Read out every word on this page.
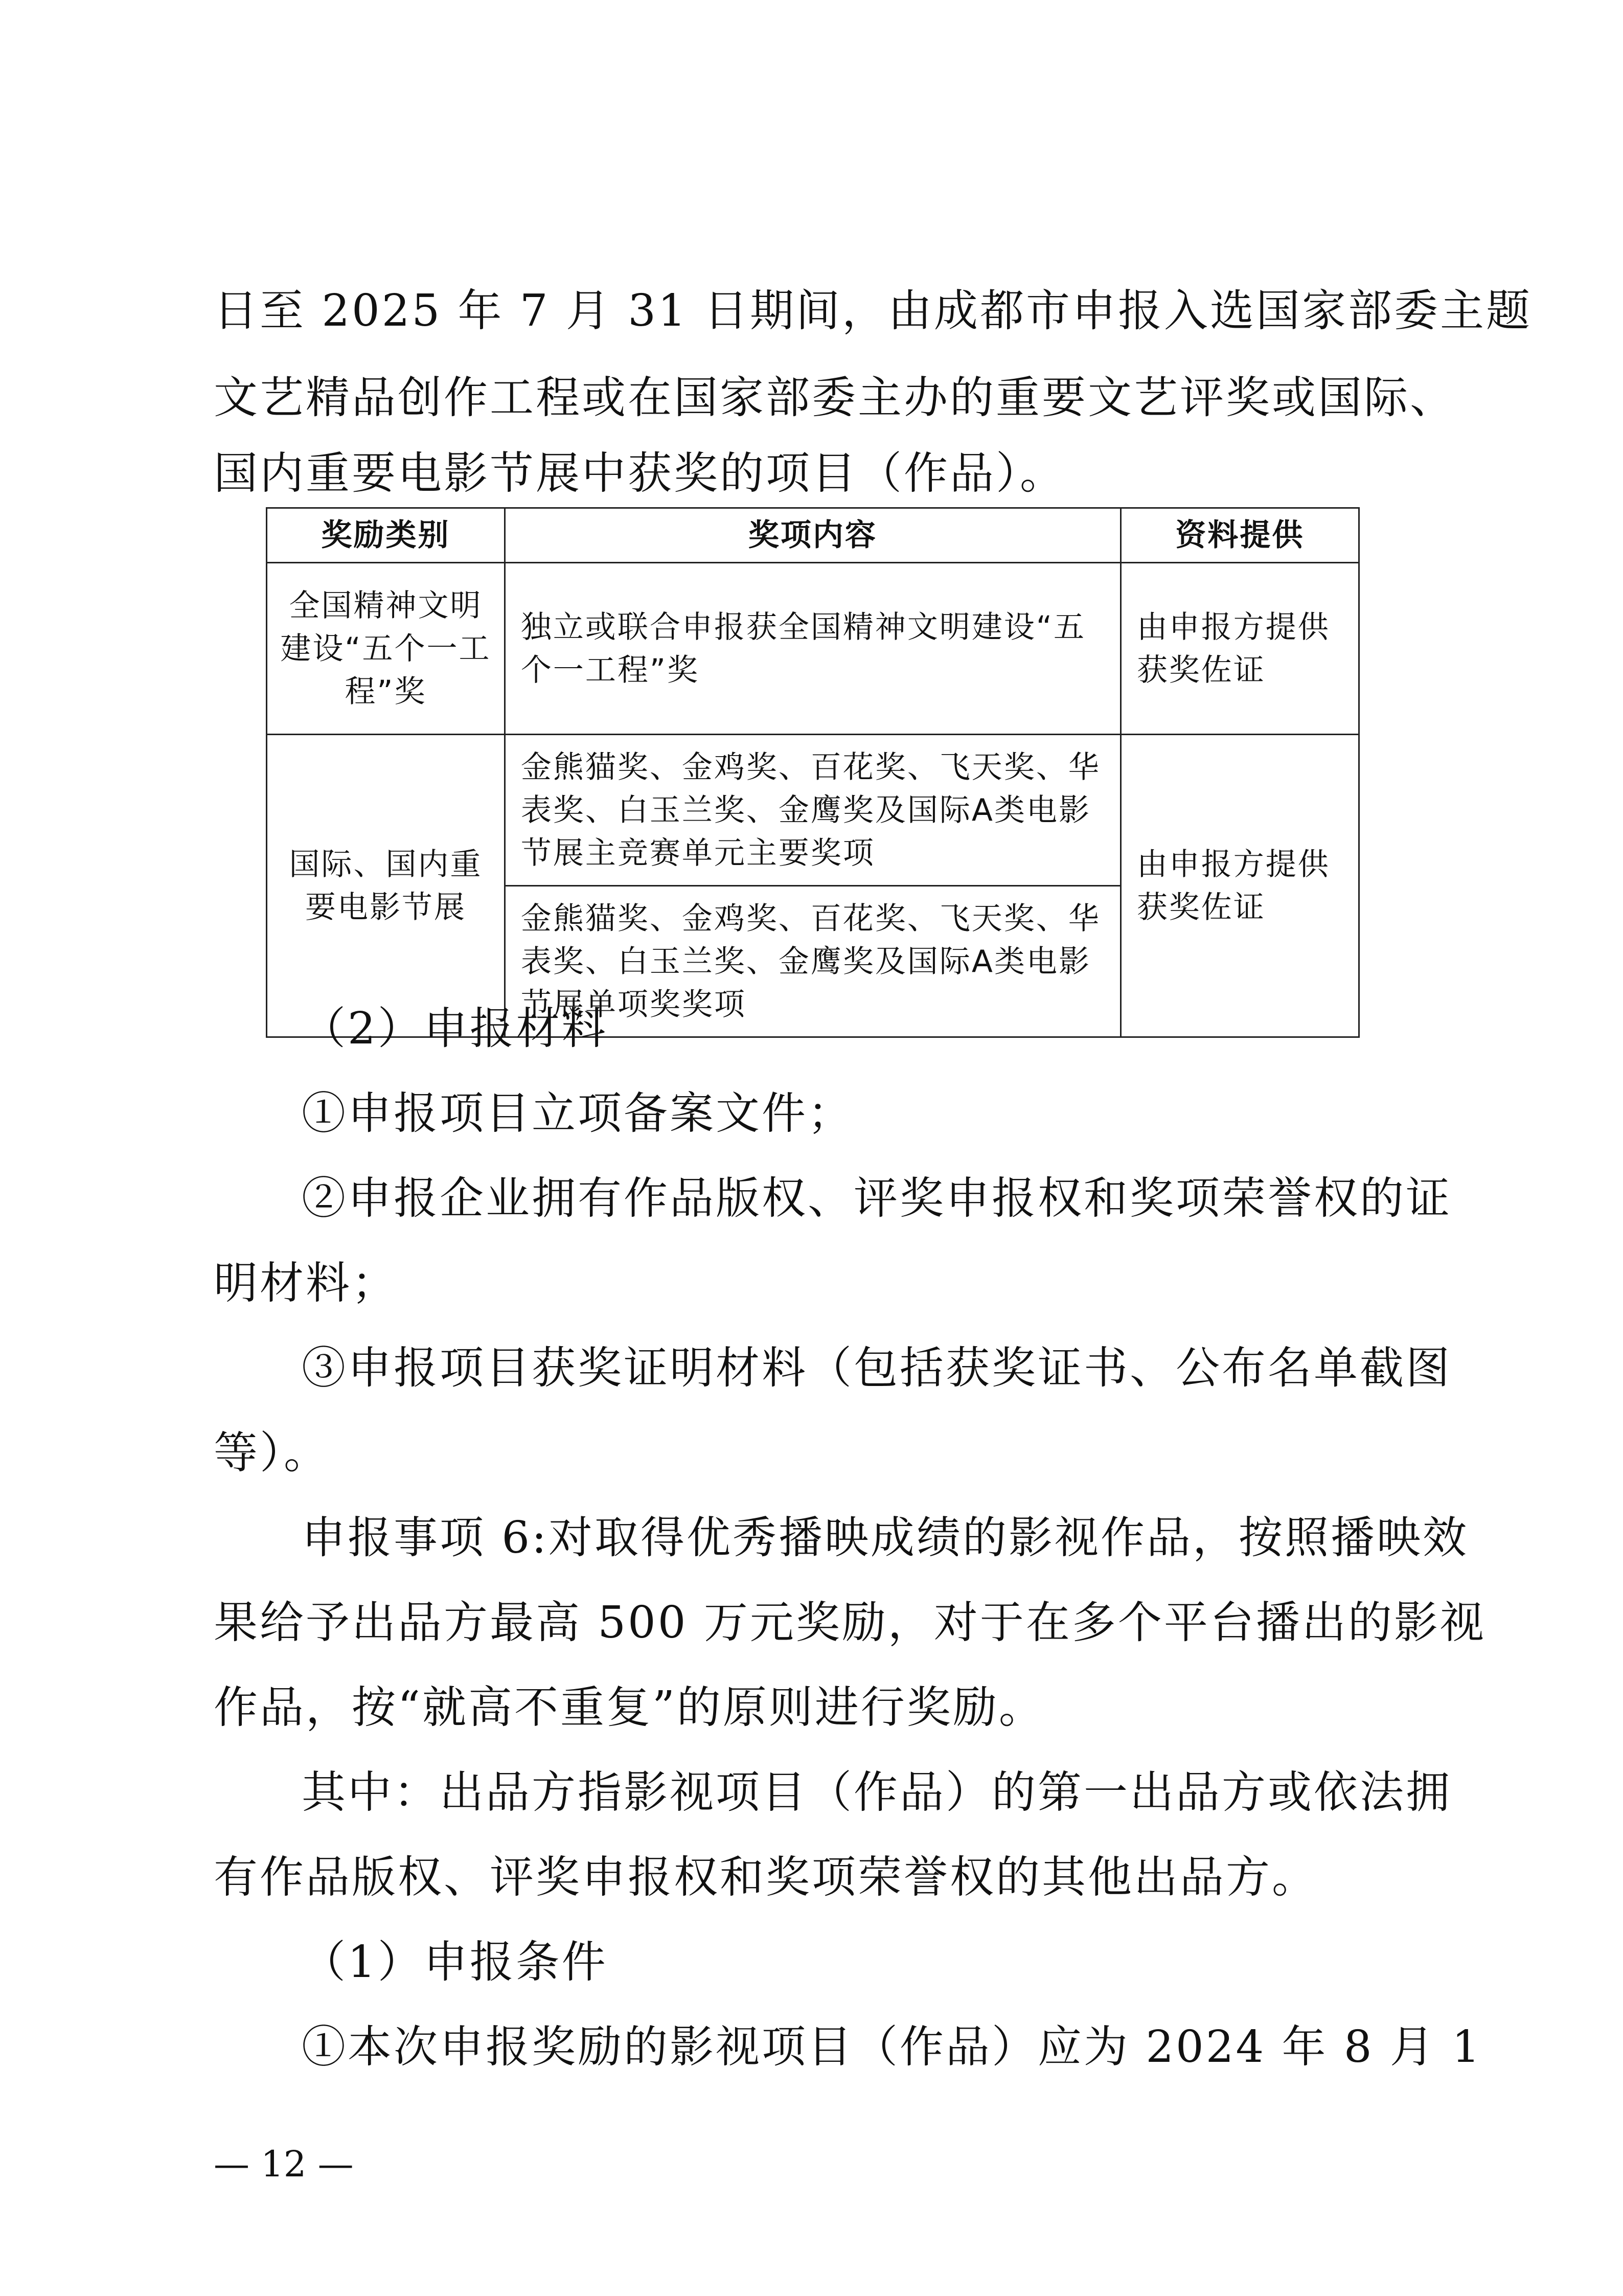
日至 2025 年 7 月 31 日期间，由成都市申报入选国家部委主题
文艺精品创作工程或在国家部委主办的重要文艺评奖或国际、
国内重要电影节展中获奖的项目（作品）。
奖励类别	奖项内容	资料提供
全国精神文明建设“五个一工程”奖	独立或联合申报获全国精神文明建设“五个一工程”奖	由申报方提供获奖佐证
国际、国内重要电影节展	金熊猫奖、金鸡奖、百花奖、飞天奖、华表奖、白玉兰奖、金鹰奖及国际A类电影节展主竞赛单元主要奖项	由申报方提供获奖佐证
	金熊猫奖、金鸡奖、百花奖、飞天奖、华表奖、白玉兰奖、金鹰奖及国际A类电影节展单项奖奖项	
（2）申报材料
①申报项目立项备案文件；
②申报企业拥有作品版权、评奖申报权和奖项荣誉权的证
明材料；
③申报项目获奖证明材料（包括获奖证书、公布名单截图
等）。
申报事项 6:对取得优秀播映成绩的影视作品，按照播映效
果给予出品方最高 500 万元奖励，对于在多个平台播出的影视
作品，按“就高不重复”的原则进行奖励。
其中：出品方指影视项目（作品）的第一出品方或依法拥
有作品版权、评奖申报权和奖项荣誉权的其他出品方。
（1）申报条件
①本次申报奖励的影视项目（作品）应为 2024 年 8 月 1
— 12 —
